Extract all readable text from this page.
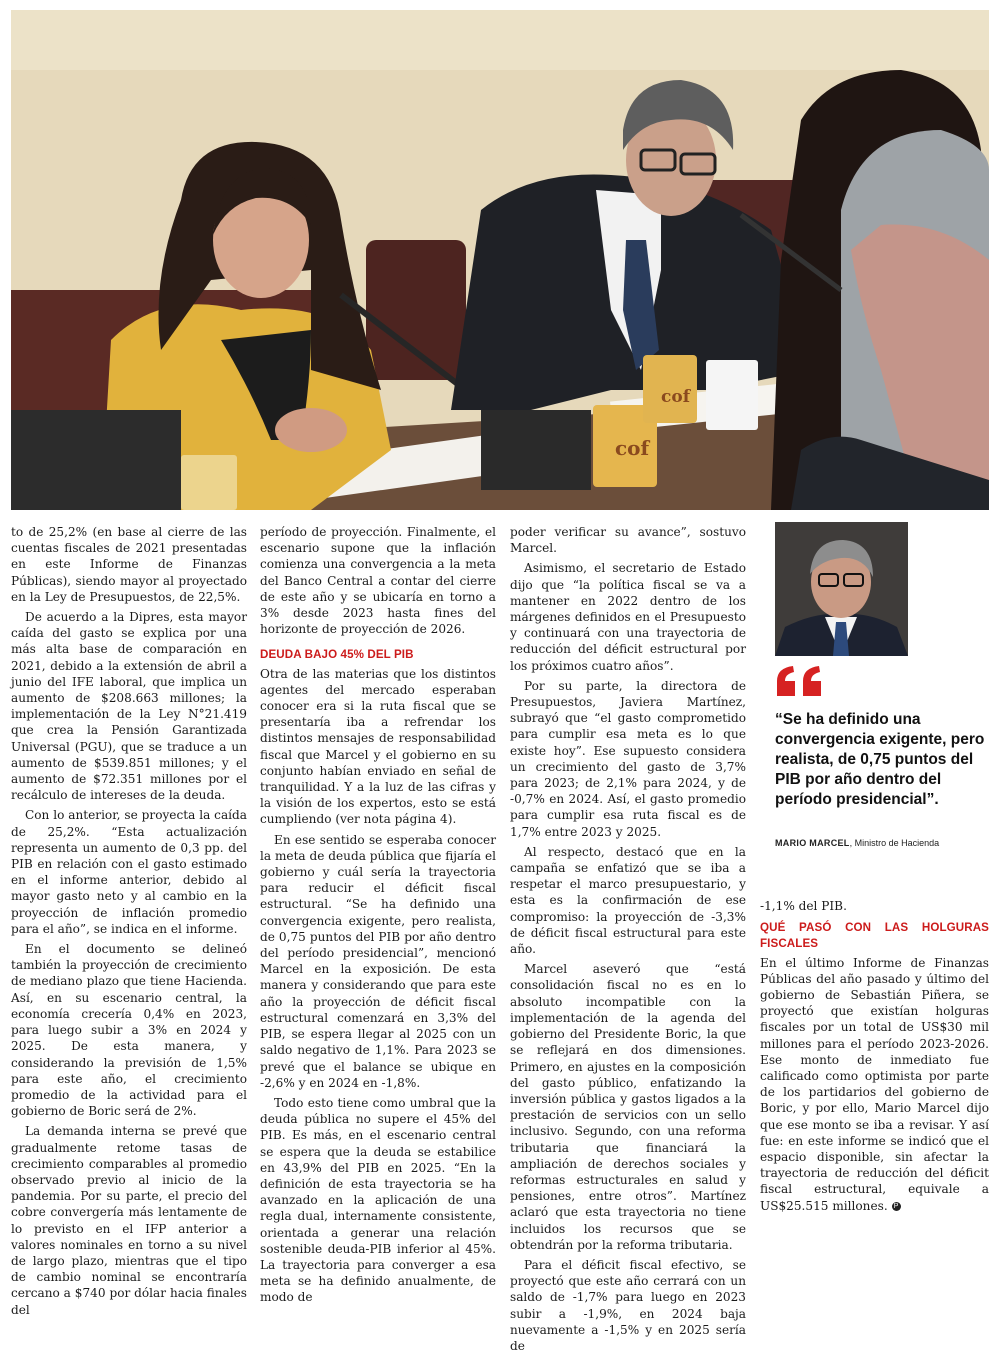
cof
cof

to de 25,2% (en base al cierre de las cuentas fiscales de 2021 presentadas en este Informe de Finanzas Públicas), siendo mayor al proyectado en la Ley de Presupuestos, de 22,5%.

De acuerdo a la Dipres, esta mayor caída del gasto se explica por una más alta base de comparación en 2021, debido a la extensión de abril a junio del IFE laboral, que implica un aumento de $208.663 millones; la implementación de la Ley N°21.419 que crea la Pensión Garantizada Universal (PGU), que se traduce a un aumento de $539.851 millones; y el aumento de $72.351 millones por el recálculo de intereses de la deuda.

Con lo anterior, se proyecta la caída de 25,2%. “Esta actualización representa un aumento de 0,3 pp. del PIB en relación con el gasto estimado en el informe anterior, debido al mayor gasto neto y al cambio en la proyección de inflación promedio para el año”, se indica en el informe.

En el documento se delineó también la proyección de crecimiento de mediano plazo que tiene Hacienda. Así, en su escenario central, la economía crecería 0,4% en 2023, para luego subir a 3% en 2024 y 2025. De esta manera, y considerando la previsión de 1,5% para este año, el crecimiento promedio de la actividad para el gobierno de Boric será de 2%.

La demanda interna se prevé que gradualmente retome tasas de crecimiento comparables al promedio observado previo al inicio de la pandemia. Por su parte, el precio del cobre convergería más lentamente de lo previsto en el IFP anterior a valores nominales en torno a su nivel de largo plazo, mientras que el tipo de cambio nominal se encontraría cercano a $740 por dólar hacia finales del

período de proyección. Finalmente, el escenario supone que la inflación comienza una convergencia a la meta del Banco Central a contar del cierre de este año y se ubicaría en torno a 3% desde 2023 hasta fines del horizonte de proyección de 2026.

DEUDA BAJO 45% DEL PIB

Otra de las materias que los distintos agentes del mercado esperaban conocer era si la ruta fiscal que se presentaría iba a refrendar los distintos mensajes de responsabilidad fiscal que Marcel y el gobierno en su conjunto habían enviado en señal de tranquilidad. Y a la luz de las cifras y la visión de los expertos, esto se está cumpliendo (ver nota página 4).

En ese sentido se esperaba conocer la meta de deuda pública que fijaría el gobierno y cuál sería la trayectoria para reducir el déficit fiscal estructural. “Se ha definido una convergencia exigente, pero realista, de 0,75 puntos del PIB por año dentro del período presidencial”, mencionó Marcel en la exposición. De esta manera y considerando que para este año la proyección de déficit fiscal estructural comenzará en 3,3% del PIB, se espera llegar al 2025 con un saldo negativo de 1,1%. Para 2023 se prevé que el balance se ubique en -2,6% y en 2024 en -1,8%.

Todo esto tiene como umbral que la deuda pública no supere el 45% del PIB. Es más, en el escenario central se espera que la deuda se estabilice en 43,9% del PIB en 2025. “En la definición de esta trayectoria se ha avanzado en la aplicación de una regla dual, internamente consistente, orientada a generar una relación sostenible deuda-PIB inferior al 45%. La trayectoria para converger a esa meta se ha definido anualmente, de modo de

poder verificar su avance”, sostuvo Marcel.

Asimismo, el secretario de Estado dijo que “la política fiscal se va a mantener en 2022 dentro de los márgenes definidos en el Presupuesto y continuará con una trayectoria de reducción del déficit estructural por los próximos cuatro años”.

Por su parte, la directora de Presupuestos, Javiera Martínez, subrayó que “el gasto comprometido para cumplir esa meta es lo que existe hoy”. Ese supuesto considera un crecimiento del gasto de 3,7% para 2023; de 2,1% para 2024, y de -0,7% en 2024. Así, el gasto promedio para cumplir esa ruta fiscal es de 1,7% entre 2023 y 2025.

Al respecto, destacó que en la campaña se enfatizó que se iba a respetar el marco presupuestario, y esta es la confirmación de ese compromiso: la proyección de -3,3% de déficit fiscal estructural para este año.

Marcel aseveró que “está consolidación fiscal no es en lo absoluto incompatible con la implementación de la agenda del gobierno del Presidente Boric, la que se reflejará en dos dimensiones. Primero, en ajustes en la composición del gasto público, enfatizando la inversión pública y gastos ligados a la prestación de servicios con un sello inclusivo. Segundo, con una reforma tributaria que financiará la ampliación de derechos sociales y reformas estructurales en salud y pensiones, entre otros”. Martínez aclaró que esta trayectoria no tiene incluidos los recursos que se obtendrán por la reforma tributaria.

Para el déficit fiscal efectivo, se proyectó que este año cerrará con un saldo de -1,7% para luego en 2023 subir a -1,9%, en 2024 baja nuevamente a -1,5% y en 2025 sería de

“Se ha definido una convergencia exigente, pero realista, de 0,75 puntos del PIB por año dentro del período presidencial”.
MARIO MARCEL, Ministro de Hacienda

-1,1% del PIB.

QUÉ PASÓ CON LAS HOLGURAS FISCALES

En el último Informe de Finanzas Públicas del año pasado y último del gobierno de Sebastián Piñera, se proyectó que existían holguras fiscales por un total de US$30 mil millones para el período 2023-2026. Ese monto de inmediato fue calificado como optimista por parte de los partidarios del gobierno de Boric, y por ello, Mario Marcel dijo que ese monto se iba a revisar. Y así fue: en este informe se indicó que el espacio disponible, sin afectar la trayectoria de reducción del déficit fiscal estructural, equivale a US$25.515 millones. P
